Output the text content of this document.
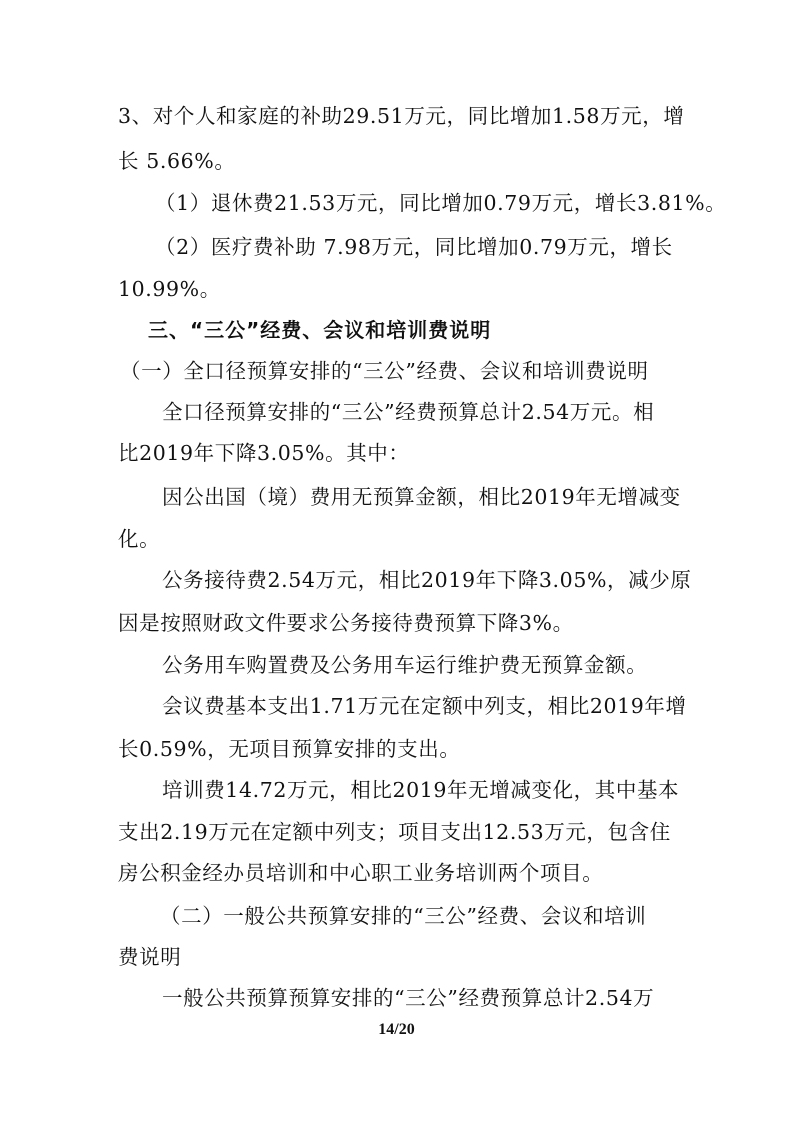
3、对个人和家庭的补助29.51万元，同比增加1.58万元，增
长 5.66%。
（1）退休费21.53万元，同比增加0.79万元，增长3.81%。
（2）医疗费补助 7.98万元，同比增加0.79万元，增长
10.99%。
三、“三公”经费、会议和培训费说明
（一）全口径预算安排的“三公”经费、会议和培训费说明
全口径预算安排的“三公”经费预算总计2.54万元。相
比2019年下降3.05%。其中：
因公出国（境）费用无预算金额，相比2019年无增减变
化。
公务接待费2.54万元，相比2019年下降3.05%，减少原
因是按照财政文件要求公务接待费预算下降3%。
公务用车购置费及公务用车运行维护费无预算金额。
会议费基本支出1.71万元在定额中列支，相比2019年增
长0.59%，无项目预算安排的支出。
培训费14.72万元，相比2019年无增减变化，其中基本
支出2.19万元在定额中列支；项目支出12.53万元，包含住
房公积金经办员培训和中心职工业务培训两个项目。
（二）一般公共预算安排的“三公”经费、会议和培训
费说明
一般公共预算预算安排的“三公”经费预算总计2.54万
14/20
